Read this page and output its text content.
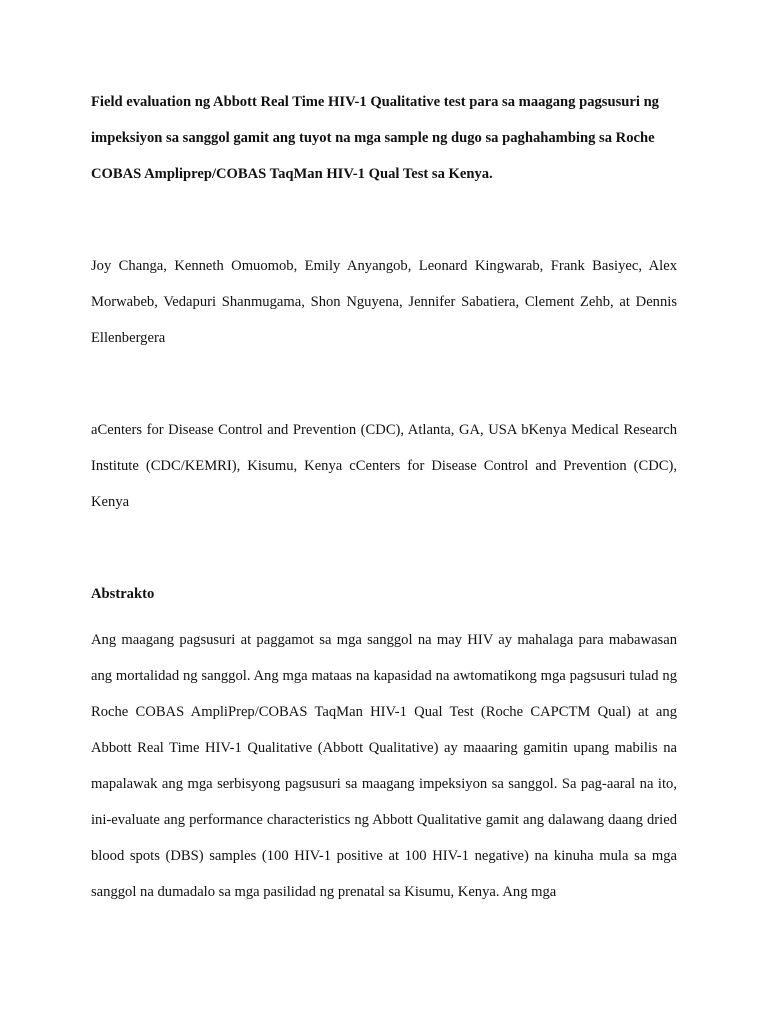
Field evaluation ng Abbott Real Time HIV-1 Qualitative test para sa maagang pagsusuri ng impeksiyon sa sanggol gamit ang tuyot na mga sample ng dugo sa paghahambing sa Roche COBAS Ampliprep/COBAS TaqMan HIV-1 Qual Test sa Kenya.

Joy Changa, Kenneth Omuomob, Emily Anyangob, Leonard Kingwarab, Frank Basiyec, Alex Morwabeb, Vedapuri Shanmugama, Shon Nguyena, Jennifer Sabatiera, Clement Zehb, at Dennis Ellenbergera

aCenters for Disease Control and Prevention (CDC), Atlanta, GA, USA bKenya Medical Research Institute (CDC/KEMRI), Kisumu, Kenya cCenters for Disease Control and Prevention (CDC), Kenya

Abstrakto

Ang maagang pagsusuri at paggamot sa mga sanggol na may HIV ay mahalaga para mabawasan ang mortalidad ng sanggol. Ang mga mataas na kapasidad na awtomatikong mga pagsusuri tulad ng Roche COBAS AmpliPrep/COBAS TaqMan HIV-1 Qual Test (Roche CAPCTM Qual) at ang Abbott Real Time HIV-1 Qualitative (Abbott Qualitative) ay maaaring gamitin upang mabilis na mapalawak ang mga serbisyong pagsusuri sa maagang impeksiyon sa sanggol. Sa pag-aaral na ito, ini-evaluate ang performance characteristics ng Abbott Qualitative gamit ang dalawang daang dried blood spots (DBS) samples (100 HIV-1 positive at 100 HIV-1 negative) na kinuha mula sa mga sanggol na dumadalo sa mga pasilidad ng prenatal sa Kisumu, Kenya. Ang mga
